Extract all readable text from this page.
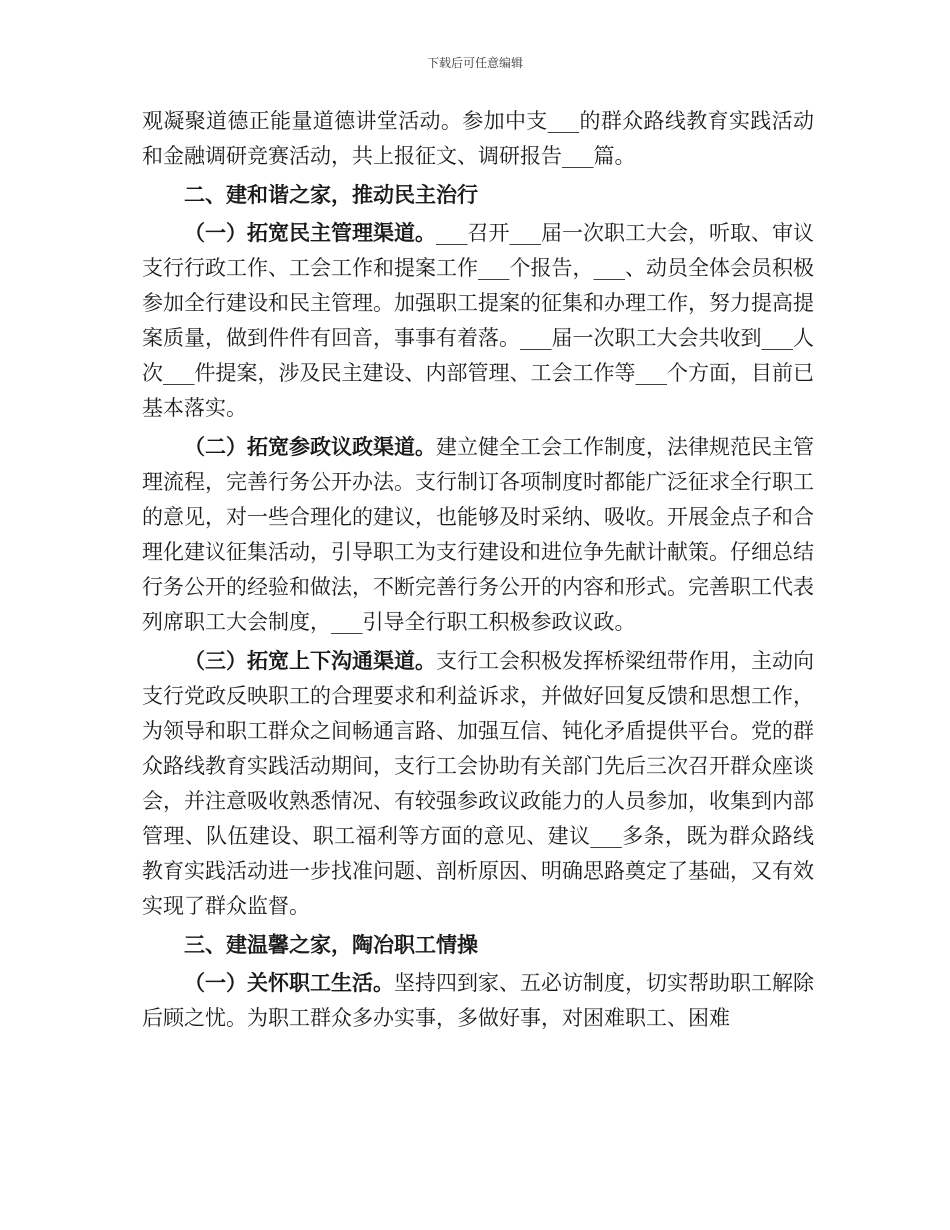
下载后可任意编辑

观凝聚道德正能量道德讲堂活动。参加中支___的群众路线教育实践活动和金融调研竞赛活动，共上报征文、调研报告___篇。

二、建和谐之家，推动民主治行

（一）拓宽民主管理渠道。___召开___届一次职工大会，听取、审议支行行政工作、工会工作和提案工作___个报告，___、动员全体会员积极参加全行建设和民主管理。加强职工提案的征集和办理工作，努力提高提案质量，做到件件有回音，事事有着落。___届一次职工大会共收到___人次___件提案，涉及民主建设、内部管理、工会工作等___个方面，目前已基本落实。

（二）拓宽参政议政渠道。建立健全工会工作制度，法律规范民主管理流程，完善行务公开办法。支行制订各项制度时都能广泛征求全行职工的意见，对一些合理化的建议，也能够及时采纳、吸收。开展金点子和合理化建议征集活动，引导职工为支行建设和进位争先献计献策。仔细总结行务公开的经验和做法，不断完善行务公开的内容和形式。完善职工代表列席职工大会制度，___引导全行职工积极参政议政。

（三）拓宽上下沟通渠道。支行工会积极发挥桥梁纽带作用，主动向支行党政反映职工的合理要求和利益诉求，并做好回复反馈和思想工作，为领导和职工群众之间畅通言路、加强互信、钝化矛盾提供平台。党的群众路线教育实践活动期间，支行工会协助有关部门先后三次召开群众座谈会，并注意吸收熟悉情况、有较强参政议政能力的人员参加，收集到内部管理、队伍建设、职工福利等方面的意见、建议___多条，既为群众路线教育实践活动进一步找准问题、剖析原因、明确思路奠定了基础，又有效实现了群众监督。

三、建温馨之家，陶冶职工情操

（一）关怀职工生活。坚持四到家、五必访制度，切实帮助职工解除后顾之忧。为职工群众多办实事，多做好事，对困难职工、困难
